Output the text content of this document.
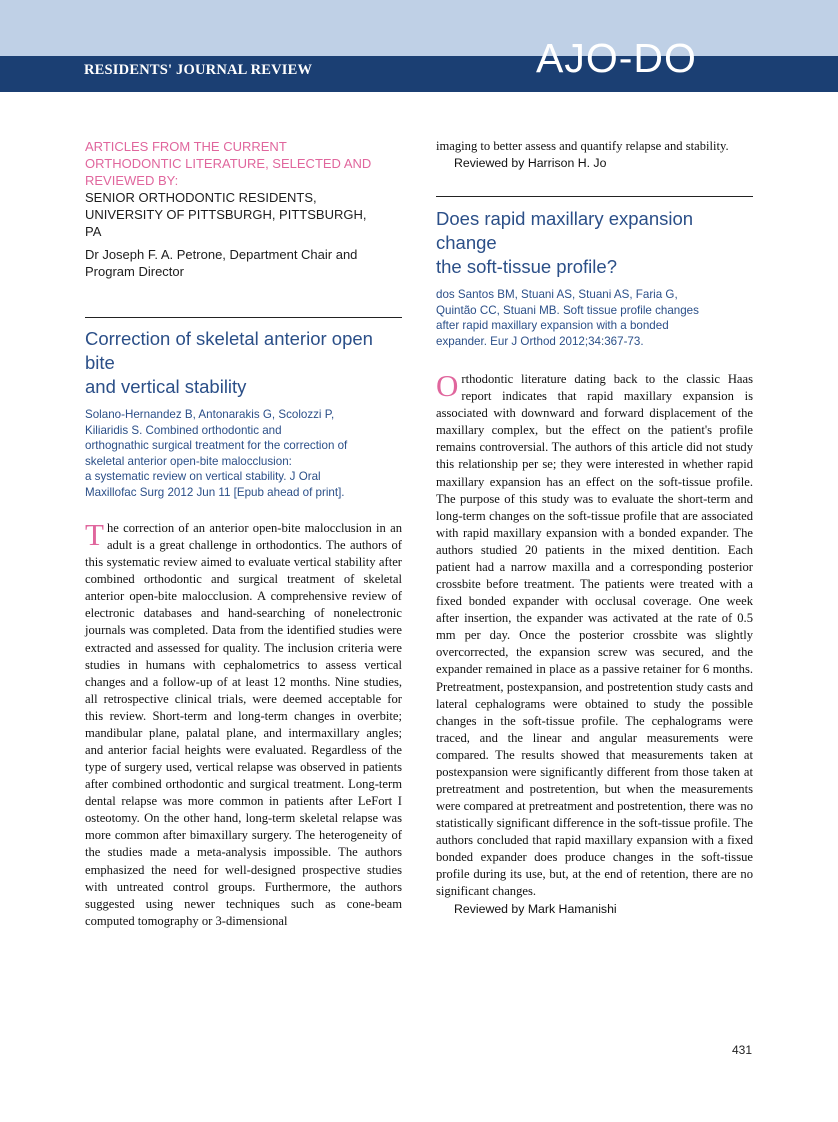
RESIDENTS' JOURNAL REVIEW	AJO-DO
ARTICLES FROM THE CURRENT
ORTHODONTIC LITERATURE, SELECTED AND
REVIEWED BY:
SENIOR ORTHODONTIC RESIDENTS,
UNIVERSITY OF PITTSBURGH, PITTSBURGH,
PA
Dr Joseph F. A. Petrone, Department Chair and
Program Director
Correction of skeletal anterior open bite
and vertical stability
Solano-Hernandez B, Antonarakis G, Scolozzi P,
Kiliaridis S. Combined orthodontic and
orthognathic surgical treatment for the correction of
skeletal anterior open-bite malocclusion:
a systematic review on vertical stability. J Oral
Maxillofac Surg 2012 Jun 11 [Epub ahead of print].
The correction of an anterior open-bite malocclusion in an adult is a great challenge in orthodontics. The authors of this systematic review aimed to evaluate vertical stability after combined orthodontic and surgical treatment of skeletal anterior open-bite malocclusion. A comprehensive review of electronic databases and hand-searching of nonelectronic journals was completed. Data from the identified studies were extracted and assessed for quality. The inclusion criteria were studies in humans with cephalometrics to assess vertical changes and a follow-up of at least 12 months. Nine studies, all retrospective clinical trials, were deemed acceptable for this review. Short-term and long-term changes in overbite; mandibular plane, palatal plane, and intermaxillary angles; and anterior facial heights were evaluated. Regardless of the type of surgery used, vertical relapse was observed in patients after combined orthodontic and surgical treatment. Long-term dental relapse was more common in patients after LeFort I osteotomy. On the other hand, long-term skeletal relapse was more common after bimaxillary surgery. The heterogeneity of the studies made a meta-analysis impossible. The authors emphasized the need for well-designed prospective studies with untreated control groups. Furthermore, the authors suggested using newer techniques such as cone-beam computed tomography or 3-dimensional
imaging to better assess and quantify relapse and stability.
Reviewed by Harrison H. Jo
Does rapid maxillary expansion change
the soft-tissue profile?
dos Santos BM, Stuani AS, Stuani AS, Faria G,
Quintão CC, Stuani MB. Soft tissue profile changes
after rapid maxillary expansion with a bonded
expander. Eur J Orthod 2012;34:367-73.
Orthodontic literature dating back to the classic Haas report indicates that rapid maxillary expansion is associated with downward and forward displacement of the maxillary complex, but the effect on the patient's profile remains controversial. The authors of this article did not study this relationship per se; they were interested in whether rapid maxillary expansion has an effect on the soft-tissue profile. The purpose of this study was to evaluate the short-term and long-term changes on the soft-tissue profile that are associated with rapid maxillary expansion with a bonded expander. The authors studied 20 patients in the mixed dentition. Each patient had a narrow maxilla and a corresponding posterior crossbite before treatment. The patients were treated with a fixed bonded expander with occlusal coverage. One week after insertion, the expander was activated at the rate of 0.5 mm per day. Once the posterior crossbite was slightly overcorrected, the expansion screw was secured, and the expander remained in place as a passive retainer for 6 months. Pretreatment, postexpansion, and postretention study casts and lateral cephalograms were obtained to study the possible changes in the soft-tissue profile. The cephalograms were traced, and the linear and angular measurements were compared. The results showed that measurements taken at postexpansion were significantly different from those taken at pretreatment and postretention, but when the measurements were compared at pretreatment and postretention, there was no statistically significant difference in the soft-tissue profile. The authors concluded that rapid maxillary expansion with a fixed bonded expander does produce changes in the soft-tissue profile during its use, but, at the end of retention, there are no significant changes.
Reviewed by Mark Hamanishi
431
